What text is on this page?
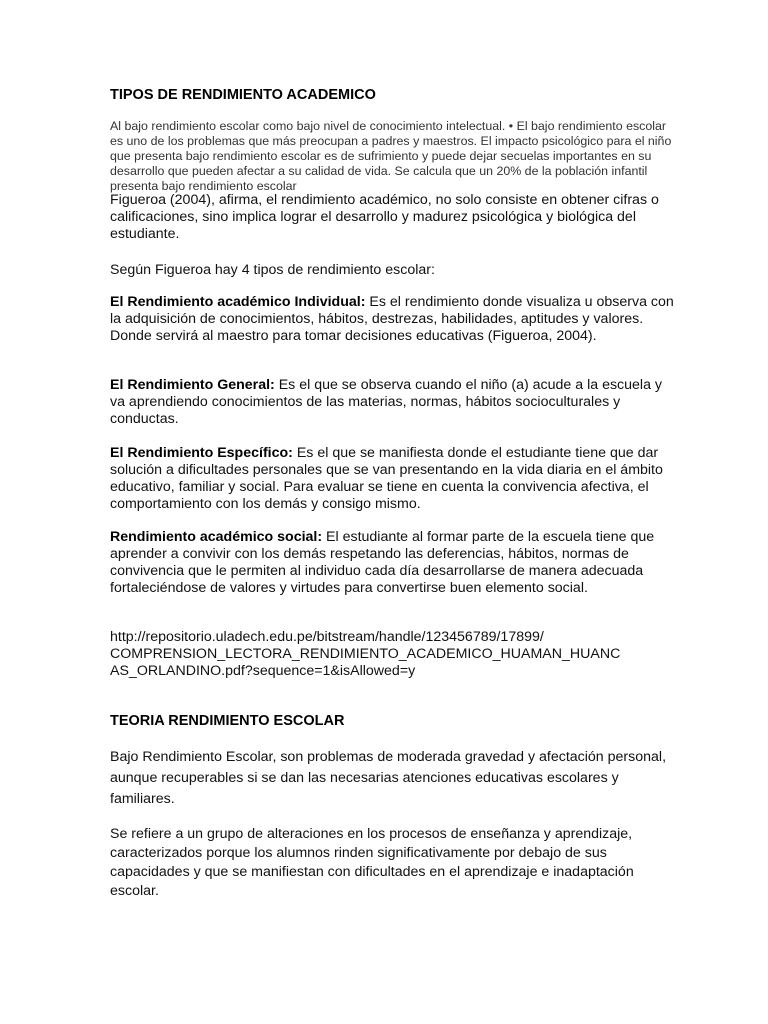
TIPOS DE RENDIMIENTO ACADEMICO

Al bajo rendimiento escolar como bajo nivel de conocimiento intelectual. • El bajo rendimiento escolar es uno de los problemas que más preocupan a padres y maestros. El impacto psicológico para el niño que presenta bajo rendimiento escolar es de sufrimiento y puede dejar secuelas importantes en su desarrollo que pueden afectar a su calidad de vida. Se calcula que un 20% de la población infantil presenta bajo rendimiento escolar

Figueroa (2004), afirma, el rendimiento académico, no solo consiste en obtener cifras o calificaciones, sino implica lograr el desarrollo y madurez psicológica y biológica del estudiante.

Según Figueroa hay 4 tipos de rendimiento escolar:

El Rendimiento académico Individual: Es el rendimiento donde visualiza u observa con la adquisición de conocimientos, hábitos, destrezas, habilidades, aptitudes y valores. Donde servirá al maestro para tomar decisiones educativas (Figueroa, 2004).

El Rendimiento General: Es el que se observa cuando el niño (a) acude a la escuela y va aprendiendo conocimientos de las materias, normas, hábitos socioculturales y conductas.

El Rendimiento Específico: Es el que se manifiesta donde el estudiante tiene que dar solución a dificultades personales que se van presentando en la vida diaria en el ámbito educativo, familiar y social. Para evaluar se tiene en cuenta la convivencia afectiva, el comportamiento con los demás y consigo mismo.

Rendimiento académico social: El estudiante al formar parte de la escuela tiene que aprender a convivir con los demás respetando las deferencias, hábitos, normas de convivencia que le permiten al individuo cada día desarrollarse de manera adecuada fortaleciéndose de valores y virtudes para convertirse buen elemento social.

http://repositorio.uladech.edu.pe/bitstream/handle/123456789/17899/
COMPRENSION_LECTORA_RENDIMIENTO_ACADEMICO_HUAMAN_HUANC
AS_ORLANDINO.pdf?sequence=1&isAllowed=y

TEORIA RENDIMIENTO ESCOLAR

Bajo Rendimiento Escolar, son problemas de moderada gravedad y afectación personal, aunque recuperables si se dan las necesarias atenciones educativas escolares y familiares.

Se refiere a un grupo de alteraciones en los procesos de enseñanza y aprendizaje, caracterizados porque los alumnos rinden significativamente por debajo de sus capacidades y que se manifiestan con dificultades en el aprendizaje e inadaptación escolar.
